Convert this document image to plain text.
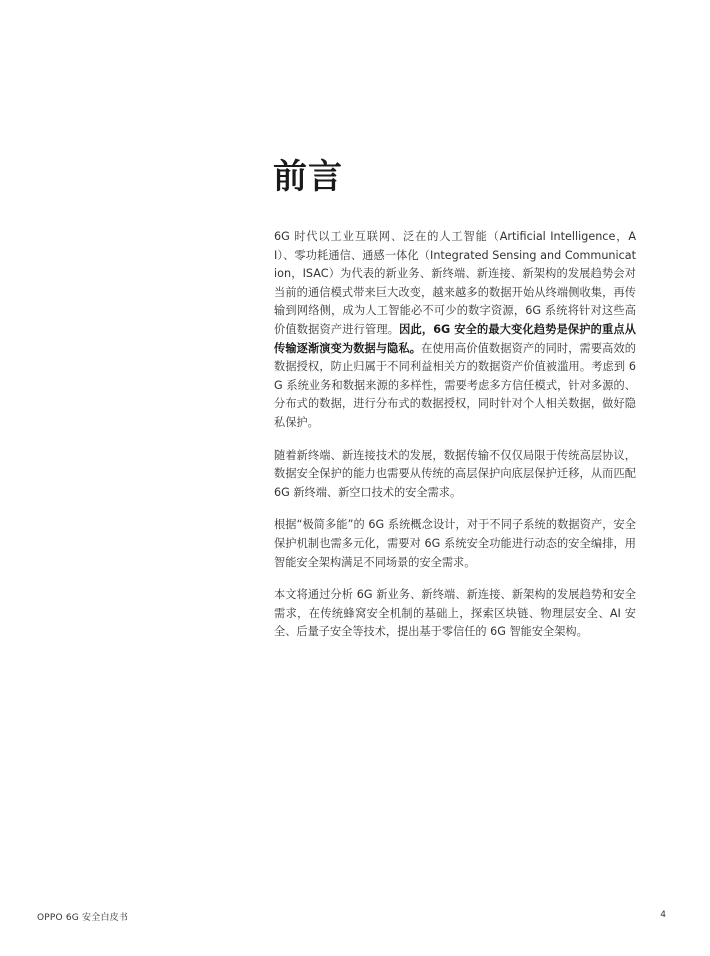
前言

6G 时代以工业互联网、泛在的人工智能（Artificial Intelligence，AI）、零功耗通信、通感一体化（Integrated Sensing and Communication，ISAC）为代表的新业务、新终端、新连接、新架构的发展趋势会对当前的通信模式带来巨大改变，越来越多的数据开始从终端侧收集，再传输到网络侧，成为人工智能必不可少的数字资源，6G 系统将针对这些高价值数据资产进行管理。因此，6G 安全的最大变化趋势是保护的重点从传输逐渐演变为数据与隐私。在使用高价值数据资产的同时，需要高效的数据授权，防止归属于不同利益相关方的数据资产价值被滥用。考虑到 6G 系统业务和数据来源的多样性，需要考虑多方信任模式，针对多源的、分布式的数据，进行分布式的数据授权，同时针对个人相关数据，做好隐私保护。

随着新终端、新连接技术的发展，数据传输不仅仅局限于传统高层协议，数据安全保护的能力也需要从传统的高层保护向底层保护迁移，从而匹配 6G 新终端、新空口技术的安全需求。

根据“极简多能”的 6G 系统概念设计，对于不同子系统的数据资产，安全保护机制也需多元化，需要对 6G 系统安全功能进行动态的安全编排，用智能安全架构满足不同场景的安全需求。

本文将通过分析 6G 新业务、新终端、新连接、新架构的发展趋势和安全需求，在传统蜂窝安全机制的基础上，探索区块链、物理层安全、AI 安全、后量子安全等技术，提出基于零信任的 6G 智能安全架构。

OPPO 6G 安全白皮书	4
